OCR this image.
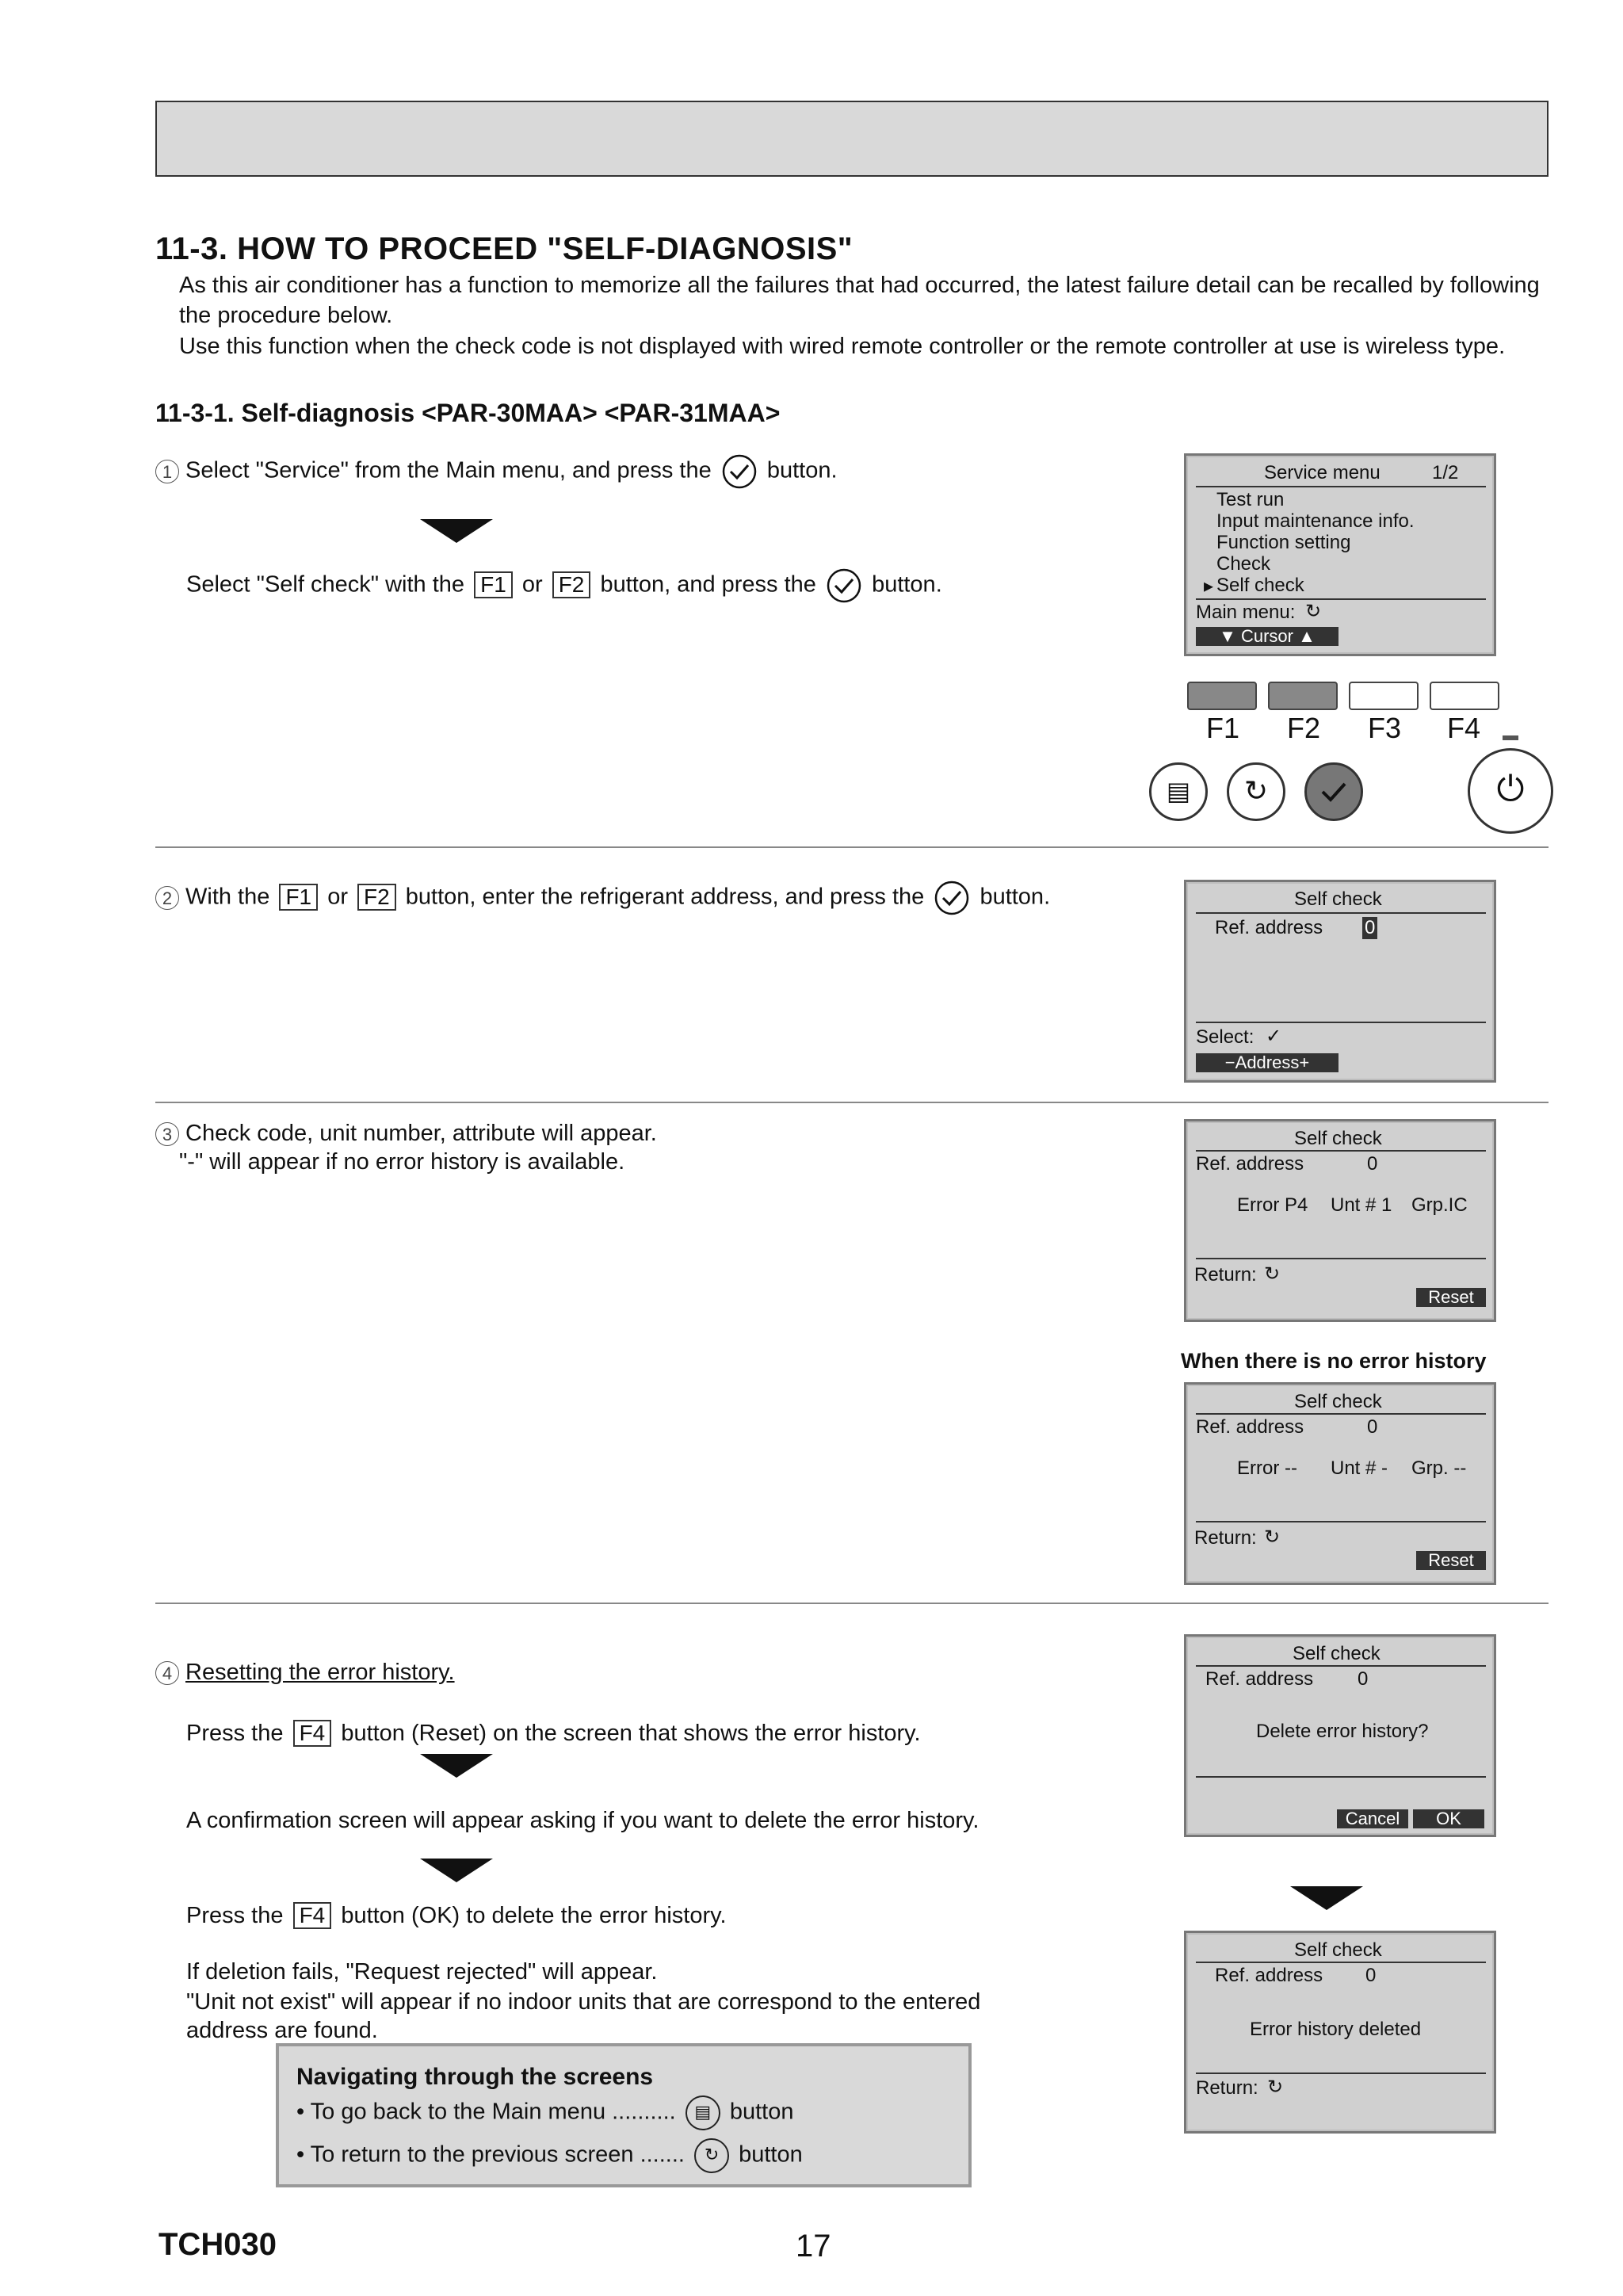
11-3. HOW TO PROCEED "SELF-DIAGNOSIS"
As this air conditioner has a function to memorize all the failures that had occurred, the latest failure detail can be recalled by following the procedure below.
Use this function when the check code is not displayed with wired remote controller or the remote controller at use is wireless type.
11-3-1. Self-diagnosis <PAR-30MAA> <PAR-31MAA>
1 Select "Service" from the Main menu, and press the button.
Select "Self check" with the F1 or F2 button, and press the button.
Service menu	1/2
Test run
Input maintenance info.
Function setting
Check
▸ Self check
Main menu: ↻
▼ Cursor ▲
F1 F2 F3 F4
▤	↻	⏻
2 With the F1 or F2 button, enter the refrigerant address, and press the button.	Self check
Ref. address 0
Select: ✓
−Address+
3 Check code, unit number, attribute will appear.
"-" will appear if no error history is available.
Self check
Ref. address	0
Error P4 Unt # 1 Grp.IC
Return: ↻
Reset
When there is no error history
Self check
Ref. address	0
Error -- Unt # - Grp. --
Return: ↻
Reset
4 Resetting the error history.
Press the F4 button (Reset) on the screen that shows the error history.
A confirmation screen will appear asking if you want to delete the error history.
Press the F4 button (OK) to delete the error history.
If deletion fails, "Request rejected" will appear.
"Unit not exist" will appear if no indoor units that are correspond to the entered address are found.
Self check
Ref. address 0
Delete error history?
Cancel	OK
Self check
Ref. address 0
Error history deleted
Return: ↻
Navigating through the screens
• To go back to the Main menu .......... ▤ button
• To return to the previous screen ....... ↻ button
TCH030	17
